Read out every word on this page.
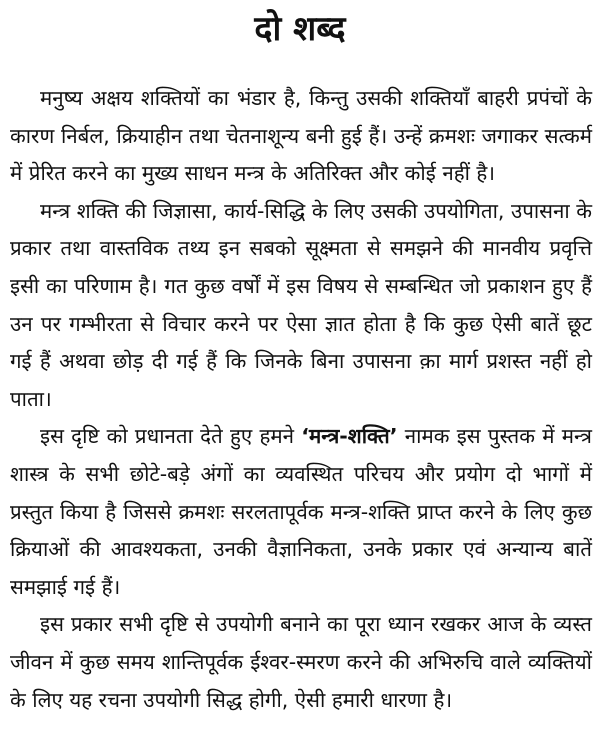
दो शब्द

मनुष्य अक्षय शक्तियों का भंडार है, किन्तु उसकी शक्तियाँ बाहरी प्रपंचों के कारण निर्बल, क्रियाहीन तथा चेतनाशून्य बनी हुई हैं। उन्हें क्रमशः जगाकर सत्कर्म में प्रेरित करने का मुख्य साधन मन्त्र के अतिरिक्त और कोई नहीं है।

मन्त्र शक्ति की जिज्ञासा, कार्य-सिद्धि के लिए उसकी उपयोगिता, उपासना के प्रकार तथा वास्तविक तथ्य इन सबको सूक्ष्मता से समझने की मानवीय प्रवृत्ति इसी का परिणाम है। गत कुछ वर्षों में इस विषय से सम्बन्धित जो प्रकाशन हुए हैं उन पर गम्भीरता से विचार करने पर ऐसा ज्ञात होता है कि कुछ ऐसी बातें छूट गई हैं अथवा छोड़ दी गई हैं कि जिनके बिना उपासना क़ा मार्ग प्रशस्त नहीं हो पाता।

इस दृष्टि को प्रधानता देते हुए हमने ‘मन्त्र-शक्ति’ नामक इस पुस्तक में मन्त्र शास्त्र के सभी छोटे-बड़े अंगों का व्यवस्थित परिचय और प्रयोग दो भागों में प्रस्तुत किया है जिससे क्रमशः सरलतापूर्वक मन्त्र-शक्ति प्राप्त करने के लिए कुछ क्रियाओं की आवश्यकता, उनकी वैज्ञानिकता, उनके प्रकार एवं अन्यान्य बातें समझाई गई हैं।

इस प्रकार सभी दृष्टि से उपयोगी बनाने का पूरा ध्यान रखकर आज के व्यस्त जीवन में कुछ समय शान्तिपूर्वक ईश्वर-स्मरण करने की अभिरुचि वाले व्यक्तियों के लिए यह रचना उपयोगी सिद्ध होगी, ऐसी हमारी धारणा है।
